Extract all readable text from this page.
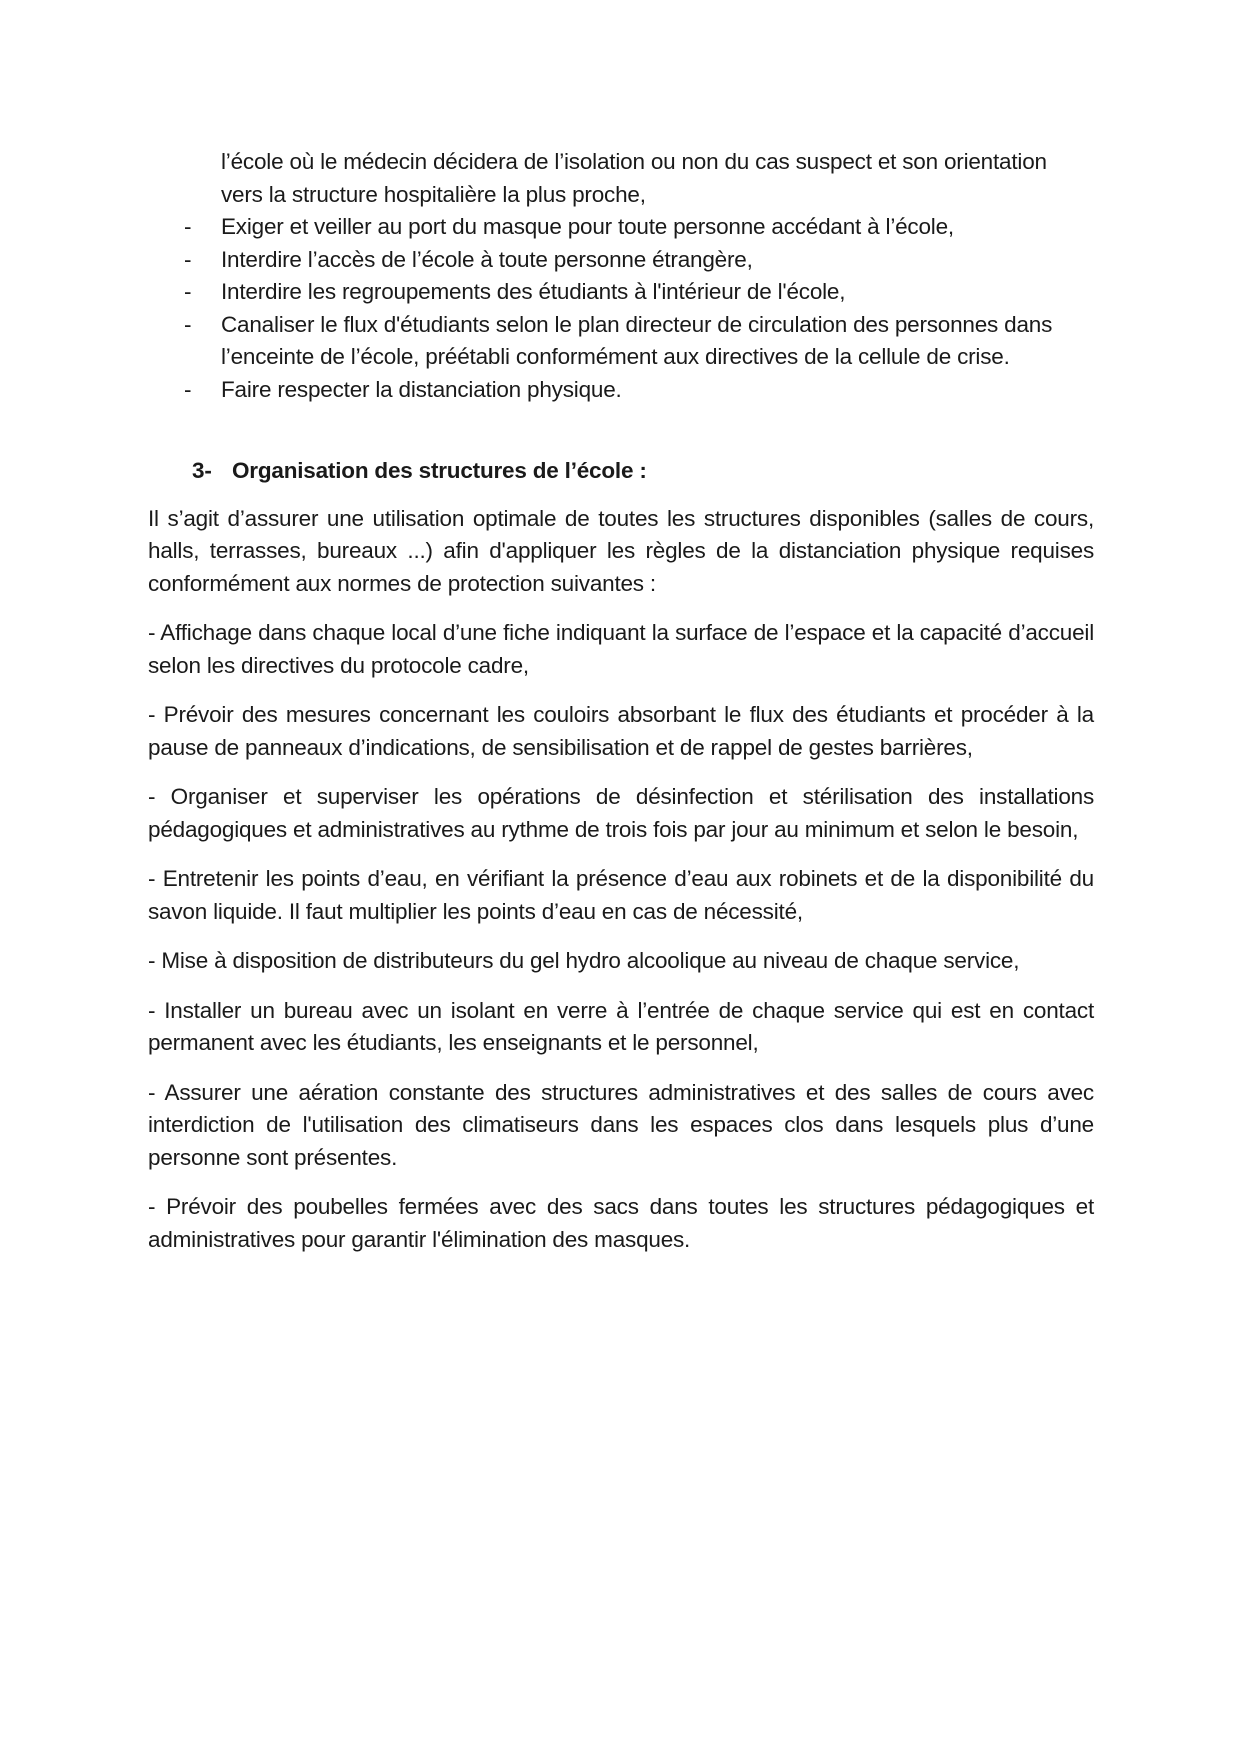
l’école où le médecin décidera de l’isolation ou non du cas suspect et son orientation vers la structure hospitalière la plus proche,
- Exiger et veiller au port du masque pour toute personne accédant à l’école,
- Interdire l’accès de l’école à toute personne étrangère,
- Interdire les regroupements des étudiants à l'intérieur de l'école,
- Canaliser le flux d'étudiants selon le plan directeur de circulation des personnes dans l’enceinte de l’école, préétabli conformément aux directives de la cellule de crise.
- Faire respecter la distanciation physique.
3- Organisation des structures de l’école :

Il s’agit d’assurer une utilisation optimale de toutes les structures disponibles (salles de cours, halls, terrasses, bureaux ...) afin d'appliquer les règles de la distanciation physique requises conformément aux normes de protection suivantes :

- Affichage dans chaque local d’une fiche indiquant la surface de l’espace et la capacité d’accueil selon les directives du protocole cadre,

- Prévoir des mesures concernant les couloirs absorbant le flux des étudiants et procéder à la pause de panneaux d’indications, de sensibilisation et de rappel de gestes barrières,

- Organiser et superviser les opérations de désinfection et stérilisation des installations pédagogiques et administratives au rythme de trois fois par jour au minimum et selon le besoin,

- Entretenir les points d’eau, en vérifiant la présence d’eau aux robinets et de la disponibilité du savon liquide. Il faut multiplier les points d’eau en cas de nécessité,

- Mise à disposition de distributeurs du gel hydro alcoolique au niveau de chaque service,

- Installer un bureau avec un isolant en verre à l’entrée de chaque service qui est en contact permanent avec les étudiants, les enseignants et le personnel,

- Assurer une aération constante des structures administratives et des salles de cours avec interdiction de l'utilisation des climatiseurs dans les espaces clos dans lesquels plus d’une personne sont présentes.

- Prévoir des poubelles fermées avec des sacs dans toutes les structures pédagogiques et administratives pour garantir l'élimination des masques.
